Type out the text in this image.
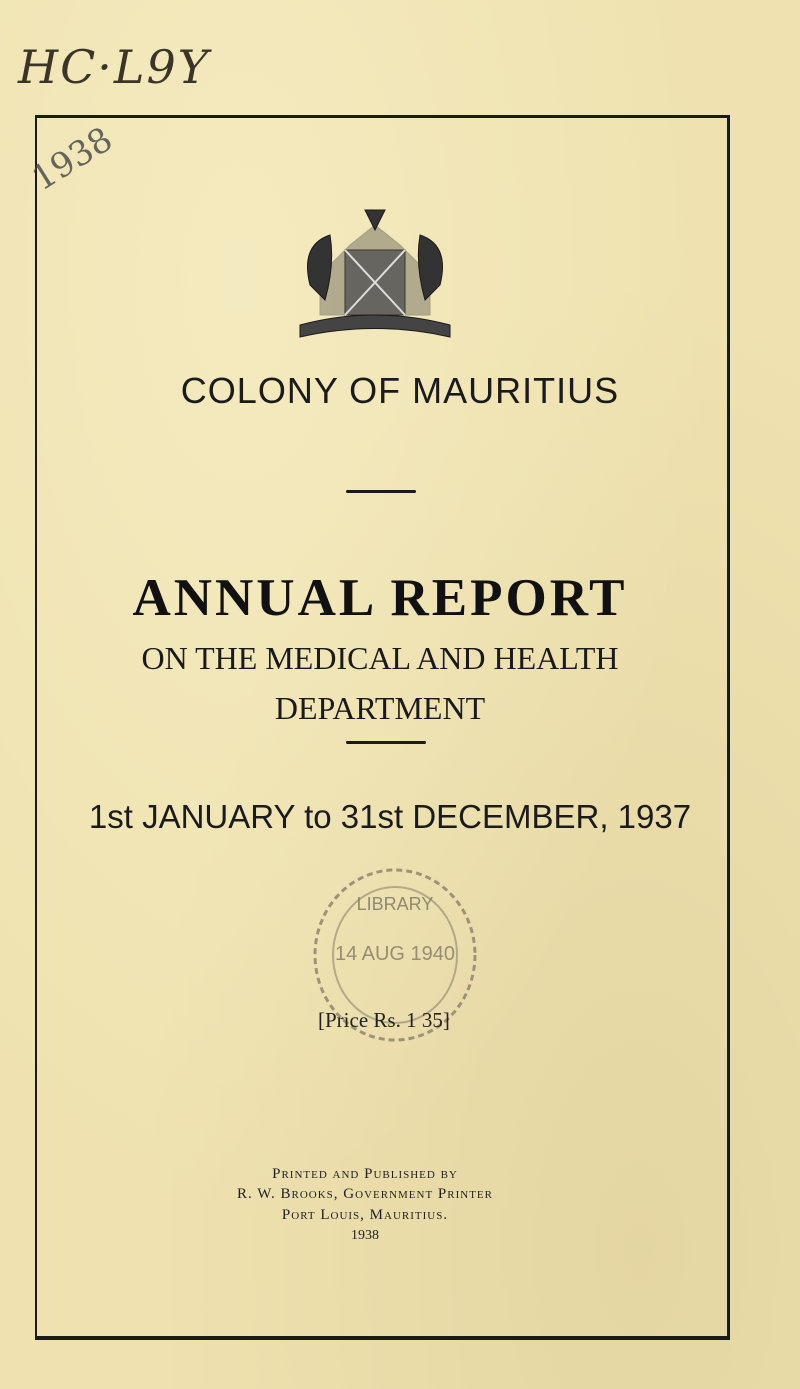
HC·L9Y
1938
COLONY OF MAURITIUS
ANNUAL REPORT
ON THE MEDICAL AND HEALTH
DEPARTMENT
1st JANUARY to 31st DECEMBER, 1937
LIBRARY
14 AUG 1940
[Price Rs. 1 35]
Printed and Published by
R. W. Brooks, Government Printer
Port Louis, Mauritius.
1938
